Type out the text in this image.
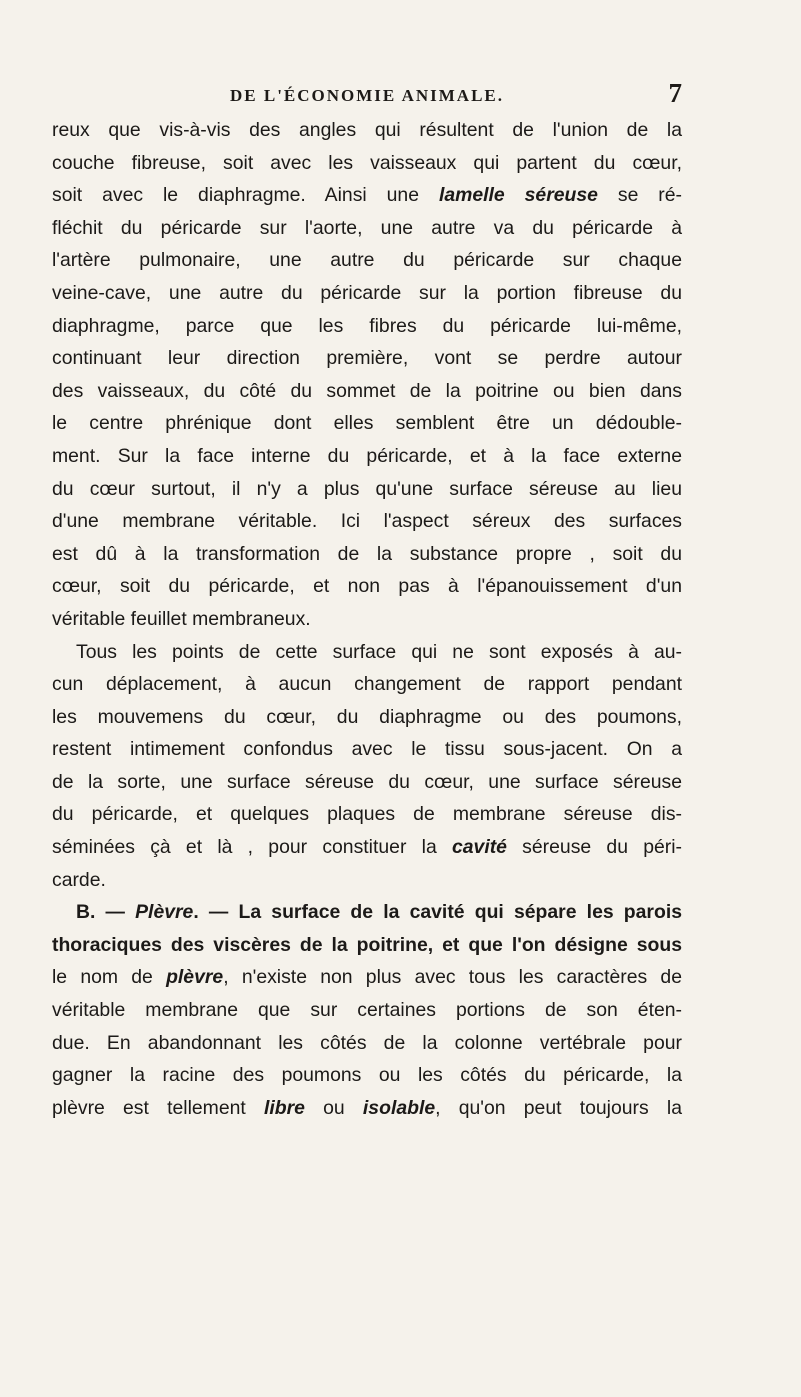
DE L'ÉCONOMIE ANIMALE.	7
reux que vis-à-vis des angles qui résultent de l'union de la
couche fibreuse, soit avec les vaisseaux qui partent du cœur,
soit avec le diaphragme. Ainsi une lamelle séreuse se ré-
fléchit du péricarde sur l'aorte, une autre va du péricarde à
l'artère pulmonaire, une autre du péricarde sur chaque
veine-cave, une autre du péricarde sur la portion fibreuse du
diaphragme, parce que les fibres du péricarde lui-même,
continuant leur direction première, vont se perdre autour
des vaisseaux, du côté du sommet de la poitrine ou bien dans
le centre phrénique dont elles semblent être un dédouble-
ment. Sur la face interne du péricarde, et à la face externe
du cœur surtout, il n'y a plus qu'une surface séreuse au lieu
d'une membrane véritable. Ici l'aspect séreux des surfaces
est dû à la transformation de la substance propre , soit du
cœur, soit du péricarde, et non pas à l'épanouissement d'un
véritable feuillet membraneux.
Tous les points de cette surface qui ne sont exposés à au-
cun déplacement, à aucun changement de rapport pendant
les mouvemens du cœur, du diaphragme ou des poumons,
restent intimement confondus avec le tissu sous-jacent. On a
de la sorte, une surface séreuse du cœur, une surface séreuse
du péricarde, et quelques plaques de membrane séreuse dis-
séminées çà et là , pour constituer la cavité séreuse du péri-
carde.
B. — Plèvre. — La surface de la cavité qui sépare les parois
thoraciques des viscères de la poitrine, et que l'on désigne sous
le nom de plèvre, n'existe non plus avec tous les caractères de
véritable membrane que sur certaines portions de son éten-
due. En abandonnant les côtés de la colonne vertébrale pour
gagner la racine des poumons ou les côtés du péricarde, la
plèvre est tellement libre ou isolable, qu'on peut toujours la
